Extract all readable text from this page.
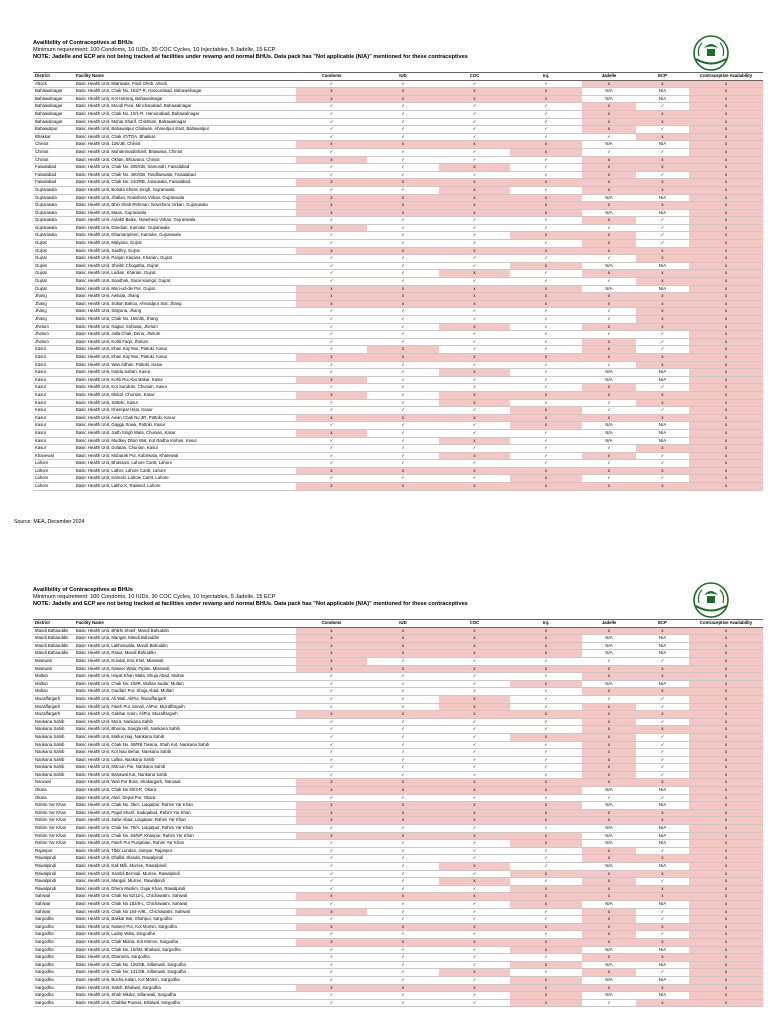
Availibility of Contraceptives at BHUs
Minimum requirement: 100 Condoms, 10 IUDs, 30 COC Cycles, 10 Injectables, 5 Jadelle, 15 ECP
NOTE: Jadelle and ECP are not being tracked at facilities under revamp and normal BHUs. Data pack has "Not applicable (N/A)" mentioned for these contraceptives
District	Facility Name	Condoms	IUD	COC	Inj.	Jadelle	ECP	Contraceptive Availability
Attock	Basic Health Unit, Mianwala, Pindi Gheb, Attock	✓	✓	✓	✓	x	x	x
Bahawalnagar	Basic Health Unit, Chak No. 163/7-R, Haroonabad, Bahawalnagar	x	x	x	x	N/A	N/A	x
Bahawalnagar	Basic Health Unit, Kot Hamraj, Bahawalnagar	x	x	x	x	N/A	N/A	x
Bahawalnagar	Basic Health Unit, Moodi Pura, Minchanabad, Bahawalnagar	✓	✓	✓	✓	x	✓	x
Bahawalnagar	Basic Health Unit, Chak No. 10/1-R, Haroonabad, Bahawalnagar	✓	✓	✓	✓	x	x	x
Bahawalnagar	Basic Health Unit, Mohar Sharif, Chishtian, Bahawalnagar	✓	✓	✓	✓	x	x	x
Bahawalpur	Basic Health Unit, Bahawalpur Ghalwan, Ahmedpur East, Bahawalpur	✓	✓	✓	✓	x	✓	x
Bhakkar	Basic Health Unit, Chak 47/TDA, Bhakkar	✓	✓	✓	✓	✓	x	x
Chiniot	Basic Health Unit, 126/JB, Chiniot	x	x	x	x	N/A	N/A	x
Chiniot	Basic Health Unit, MuhammadiSharif, Bhawana, Chiniot	✓	✓	✓	x	✓	✓	x
Chiniot	Basic Health Unit, Oklian, Bhowana, Chiniot	x	✓	✓	✓	x	x	x
Faisalabad	Basic Health Unit, Chak No. 205/GB, Samundri, Faisalabad	✓	✓	x	✓	x	x	x
Faisalabad	Basic Health Unit, Chak No. 400/GB, Tandlianwala, Faisalabad	✓	✓	✓	✓	x	✓	x
Faisalabad	Basic Health Unit, Chak No. 210/RB, Jaranwala, Faisalabad	x	x	x	x	x	x	x
Gujranwala	Basic Health Unit, Bohala Shami Singh, Gujranwala	✓	✓	x	✓	x	x	x
Gujranwala	Basic Health Unit, Jhallan, Nowshera Virkan, Gujranwala	x	x	x	x	N/A	N/A	x
Gujranwala	Basic Health Unit, Bhiri Shah Rehman, Nowshera Virkan, Gujranwala	x	x	x	x	x	x	x
Gujranwala	Basic Health Unit, Maan, Gujranwala	x	x	x	x	N/A	N/A	x
Gujranwala	Basic Health Unit, Aulakh Baike, Nowshera Virkan, Gujranwala	✓	✓	✓	✓	x	✓	x
Gujranwala	Basic Health Unit, Dandian, Kamoke, Gujranwala	x	✓	✓	✓	✓	✓	x
Gujranwala	Basic Health Unit, Dhamanpreen, Kamoke, Gujranwala	✓	✓	✓	x	x	✓	x
Gujrat	Basic Health Unit, Malyana, Gujrat	✓	✓	✓	✓	x	✓	x
Gujrat	Basic Health Unit, Saidhry, Gujrat	x	x	x	x	x	x	x
Gujrat	Basic Health Unit, Panjan Kasana, Kharian, Gujrat	✓	✓	✓	✓	✓	x	x
Gujrat	Basic Health Unit, Sheikh Chogatha, Gujrat	✓	✓	✓	x	N/A	N/A	x
Gujrat	Basic Health Unit, Lodian, Kharian, Gujrat	✓	✓	x	✓	x	x	x
Gujrat	Basic Health Unit, Sandhok, Sarai Alamgir, Gujrat	✓	✓	✓	✓	✓	x	x
Gujrat	Basic Health Unit, Mori-ud-din Pur, Gujrat	x	x	x	x	N/A	N/A	x
Jhang	Basic Health Unit, Awhala, Jhang	x	x	x	x	x	x	x
Jhang	Basic Health Unit, Sultan Bahoo, Ahmadpur Sial, Jhang	x	x	x	x	x	x	x
Jhang	Basic Health Unit, Satyana, Jhang	✓	✓	✓	✓	✓	x	x
Jhang	Basic Health Unit, Chak No. 165/JB, Jhang	✓	✓	✓	✓	✓	x	x
Jhelum	Basic Health Unit, Nagial, Sohawa, Jhelum	✓	✓	x	✓	x	x	x
Jhelum	Basic Health Unit, Jalla Chak, Dena, Jhelum	✓	✓	✓	✓	✓	✓	x
Jhelum	Basic Health Unit, Kotla Faqir, Jhelum	✓	✓	✓	✓	x	✓	x
Kasur	Basic Health Unit, Khan Kay Mor, Pattoki, Kasur	✓	x	✓	✓	x	✓	x
Kasur	Basic Health Unit, Khan Kay Mor, Pattoki, Kasur	x	x	x	x	x	x	x
Kasur	Basic Health Unit, Wan Adhan, Pattoki, Kasur	✓	✓	✓	✓	✓	x	x
Kasur	Basic Health Unit, Harda Sahari, Kasur	✓	✓	x	✓	N/A	N/A	x
Kasur	Basic Health Unit, Kohli Roi Abu Bakar, Kasur	x	✓	✓	✓	N/A	N/A	x
Kasur	Basic Health Unit, Kot Sundran, Chunian, Kasur	✓	✓	✓	✓	x	✓	x
Kasur	Basic Health Unit, Mokal, Chunian, Kasur	x	✓	x	x	x	x	x
Kasur	Basic Health Unit, Sattoki, Kasur	✓	✓	x	✓	✓	x	x
Kasur	Basic Health Unit, Kherepar Hitar, Kasur	✓	✓	✓	x	✓	✓	x
Kasur	Basic Health Unit, Awan Chak No.3R, Pattoki, Kasur	x	x	x	x	x	x	x
Kasur	Basic Health Unit, Gagga Sowa, Pattoki, Kasur	✓	✓	✓	x	N/A	N/A	x
Kasur	Basic Health Unit, Jodh Singh Wala, Chunian, Kasur	x	✓	✓	✓	N/A	N/A	x
Kasur	Basic Health Unit, Mudkey Dhari Wal, Kot Radha Kishan, Kasur	✓	✓	x	✓	N/A	N/A	x
Kasur	Basic Health Unit, Dolatan, Chunian, Kasur	✓	✓	✓	✓	✓	x	x
Khanewal	Basic Health Unit, Mubarak Pur, Kabirwala, Khanewal	✓	✓	x	✓	x	✓	x
Lahore	Basic Health Unit, Bhassain, Lahore Cantt, Lahore	✓	✓	✓	✓	✓	✓	x
Lahore	Basic Health Unit, Lidher, Lahore Cantt, Lahore	x	x	x	x	x	x	x
Lahore	Basic Health Unit, Kamoki, Lahore Cantt, Lahore	✓	✓	✓	x	✓	✓	x
Lahore	Basic Health Unit, Lakho K, Raiwind, Lahore	x	x	x	x	x	x	x
Source: MEA, December 2024
Availibility of Contraceptives at BHUs
Minimum requirement: 100 Condoms, 10 IUDs, 30 COC Cycles, 10 Injectables, 5 Jadelle, 15 ECP
NOTE: Jadelle and ECP are not being tracked at facilities under revamp and normal BHUs. Data pack has "Not applicable (N/A)" mentioned for these contraceptives
District	Facility Name	Condoms	IUD	COC	Inj.	Jadelle	ECP	Contraceptive Availability
Mandi Bahauddin	Basic Health Unit, Bhikhi Sharif, Mandi Bahuddin	x	x	x	x	x	x	x
Mandi Bahauddin	Basic Health Unit, Mangat, Mandi Bahuddin	x	x	x	x	N/A	N/A	x
Mandi Bahauddin	Basic Health Unit, Lakhnewala, Mandi Bahuddin	x	x	x	x	N/A	N/A	x
Mandi Bahauddin	Basic Health Unit, Rasul, Mandi Bahuddin	x	x	x	x	N/A	N/A	x
Mianwali	Basic Health Unit, Kundal, Esa Khel, Mianwali	x	✓	✓	✓	✓	✓	x
Mianwali	Basic Health Unit, Naseer Wala, Piplan, Mianwali	x	x	x	x	x	x	x
Multan	Basic Health Unit, Hayat Khan Wala, Shuja Abad, Multan	✓	✓	✓	✓	x	x	x
Multan	Basic Health Unit, Chak No. 1/MR, Multan Sadar, Multan	✓	✓	✓	x	N/A	N/A	x
Multan	Basic Health Unit, Gardaiz Pur, Shuja Abad, Multan	✓	✓	✓	✓	x	x	x
Muzaffargarh	Basic Health Unit, Ali Wali, AliPur, Muzaffargarh	✓	✓	x	✓	✓	✓	x
Muzaffargarh	Basic Health Unit, Fateh Pur Jamali, AliPur, Muzaffargarh	✓	✓	x	✓	x	✓	x
Muzaffargarh	Basic Health Unit, Gabbar Arain, AliPur, Muzaffargarh	x	x	x	x	x	x	x
Nankana Sahib	Basic Health Unit, Mora, Nankana Sahib	✓	✓	✓	✓	x	✓	x
Nankana Sahib	Basic Health Unit, Bhoroa, Sangla Hill, Nankana Sahib	✓	✓	✓	✓	x	x	x
Nankana Sahib	Basic Health Unit, Mallus Haji, Nankana Sahib	✓	✓	✓	x	x	✓	x
Nankana Sahib	Basic Health Unit, Chak No. 50/RB Tiwana, Shah Kot, Nankana Sahib	✓	✓	✓	✓	x	✓	x
Nankana Sahib	Basic Health Unit, Kot Nau Behar, Nankana Sahib	✓	✓	✓	✓	x	✓	x
Nankana Sahib	Basic Health Unit, Lulkia, Nankana Sahib	✓	✓	✓	✓	x	✓	x
Nankana Sahib	Basic Health Unit, Mitroon Pur, Nankana Sahib	✓	✓	✓	✓	x	✓	x
Nankana Sahib	Basic Health Unit, Bahawal Kot, Nankana Sahib	✓	✓	✓	✓	x	✓	x
Narowal	Basic Health Unit, Wali Pur Bora, Shakargarh, Narowal	x	x	x	x	x	x	x
Okara	Basic Health Unit, Chak No 40/3-R, Okara	x	x	x	x	N/A	N/A	x
Okara	Basic Health Unit, Atari, Depal Pur, Okara	✓	✓	✓	✓	✓	✓	x
Rahim Yar Khan	Basic Health Unit, Chak No. 25/A, Liaqatpur, Rahim Yar Khan	x	x	x	x	N/A	N/A	x
Rahim Yar Khan	Basic Health Unit, Pajail Sharif, Sadiqabad, Rahim Yar Khan	x	x	x	x	x	x	x
Rahim Yar Khan	Basic Health Unit, Zafar Abad, Liaqatpur, Rahim Yar Khan	x	x	x	x	x	x	x
Rahim Yar Khan	Basic Health Unit, Chak No. 79/A, Liaqatpur, Rahim Yar Khan	✓	✓	✓	✓	N/A	N/A	x
Rahim Yar Khan	Basic Health Unit, Chak No. 84/NP, Khanpur, Rahim Yar Khan	x	x	x	x	N/A	N/A	x
Rahim Yar Khan	Basic Health Unit, Fateh Pur Punjabian, Rahim Yar Khan	✓	✓	✓	x	N/A	N/A	x
Rajanpur	Basic Health Unit, Tibbi Lundan, Jampur, Rajanpur	✓	✓	✓	✓	x	✓	x
Rawalpindi	Basic Health Unit, Dhallal Jhanda, Rawalpindi	✓	✓	✓	✓	x	x	x
Rawalpindi	Basic Health Unit, Kall Milli, Murree, Rawalpindi	✓	✓	x	✓	N/A	N/A	x
Rawalpindi	Basic Health Unit, Sambli Bermali, Murree, Rawalpindi	✓	✓	✓	x	x	x	x
Rawalpindi	Basic Health Unit, Mangal, Murree, Rawalpindi	✓	✓	x	✓	x	✓	x
Rawalpindi	Basic Health Unit, Dhera Muslim, Gujar Khan, Rawalpindi	✓	✓	✓	x	x	x	x
Sahiwal	Basic Health Unit, Chak No 62/12-L, Chichawatni, Sahiwal	x	x	x	x	x	x	x
Sahiwal	Basic Health Unit, Chak No 182/9-L, Chichawatni, Sahiwal	✓	✓	✓	x	N/A	N/A	x
Sahiwal	Basic Health Unit, Chak No 164-A/9L, Chichawatni, Sahiwal	x	✓	✓	✓	x	✓	x
Sargodha	Basic Health Unit, Bakkar Bar, Shahpur, Sargodha	✓	✓	✓	✓	x	✓	x
Sargodha	Basic Health Unit, Naseer Pur, Kot Momin, Sargodha	x	x	x	x	x	x	x
Sargodha	Basic Health Unit, Luday Wala, Sargodha	✓	✓	✓	✓	x	✓	x
Sargodha	Basic Health Unit, Chak Miana, Kot Momin, Sargodha	x	x	x	x	x	x	x
Sargodha	Basic Health Unit, Chak No. 15/SB, Bhalwal, Sargodha	✓	✓	✓	x	N/A	N/A	x
Sargodha	Basic Health Unit, Dhanena, Sargodha	✓	✓	✓	✓	x	x	x
Sargodha	Basic Health Unit, Chak No. 126/SB, Sillanwali, Sargodha	✓	✓	✓	x	N/A	N/A	x
Sargodha	Basic Health Unit, Chak No. 131/SB, Sillanwali, Sargodha	✓	✓	x	✓	x	✓	x
Sargodha	Basic Health Unit, Bucha Kalan, Kot Momin, Sargodha	✓	✓	✓	x	N/A	N/A	x
Sargodha	Basic Health Unit, Saleh, Bhalwal, Sargodha	x	x	x	x	x	x	x
Sargodha	Basic Health Unit, Shah Nikdur, Sillanwali, Sargodha	✓	✓	✓	x	N/A	N/A	x
Sargodha	Basic Health Unit, Chabba Purana, Bhalwal, Sargodha	✓	✓	✓	x	✓	x	x
